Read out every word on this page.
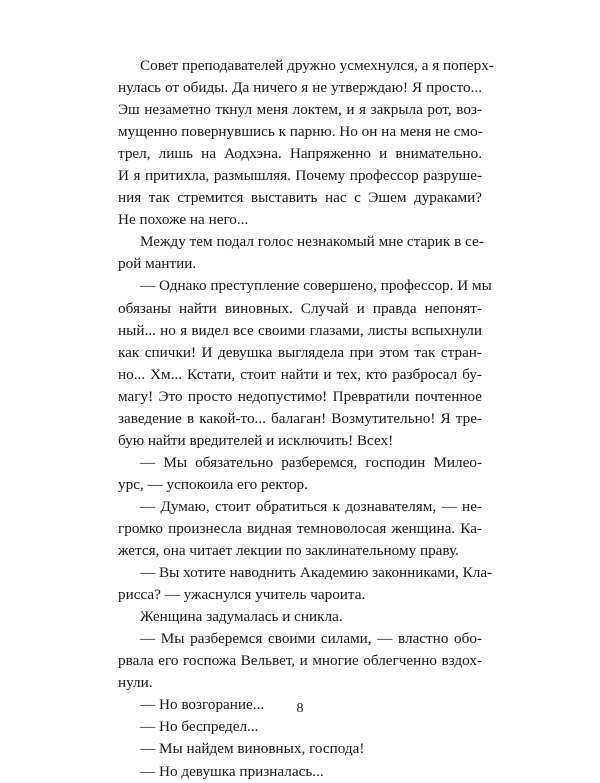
Совет преподавателей дружно усмехнулся, а я поперх-
нулась от обиды. Да ничего я не утверждаю! Я просто...
Эш незаметно ткнул меня локтем, и я закрыла рот, воз-
мущенно повернувшись к парню. Но он на меня не смо-
трел, лишь на Аодхэна. Напряженно и внимательно.
И я притихла, размышляя. Почему профессор разруше-
ния так стремится выставить нас с Эшем дураками?
Не похоже на него...
Между тем подал голос незнакомый мне старик в се-
рой мантии.
— Однако преступление совершено, профессор. И мы
обязаны найти виновных. Случай и правда непонят-
ный... но я видел все своими глазами, листы вспыхнули
как спички! И девушка выглядела при этом так стран-
но... Хм... Кстати, стоит найти и тех, кто разбросал бу-
магу! Это просто недопустимо! Превратили почтенное
заведение в какой-то... балаган! Возмутительно! Я тре-
бую найти вредителей и исключить! Всех!
— Мы обязательно разберемся, господин Милео-
урс, — успокоила его ректор.
— Думаю, стоит обратиться к дознавателям, — не-
громко произнесла видная темноволосая женщина. Ка-
жется, она читает лекции по заклинательному праву.
— Вы хотите наводнить Академию законниками, Кла-
рисса? — ужаснулся учитель чароита.
Женщина задумалась и сникла.
— Мы разберемся своими силами, — властно обо-
рвала его госпожа Вельвет, и многие облегченно вздох-
нули.
— Но возгорание...
— Но беспредел...
— Мы найдем виновных, господа!
— Но девушка призналась...
8
